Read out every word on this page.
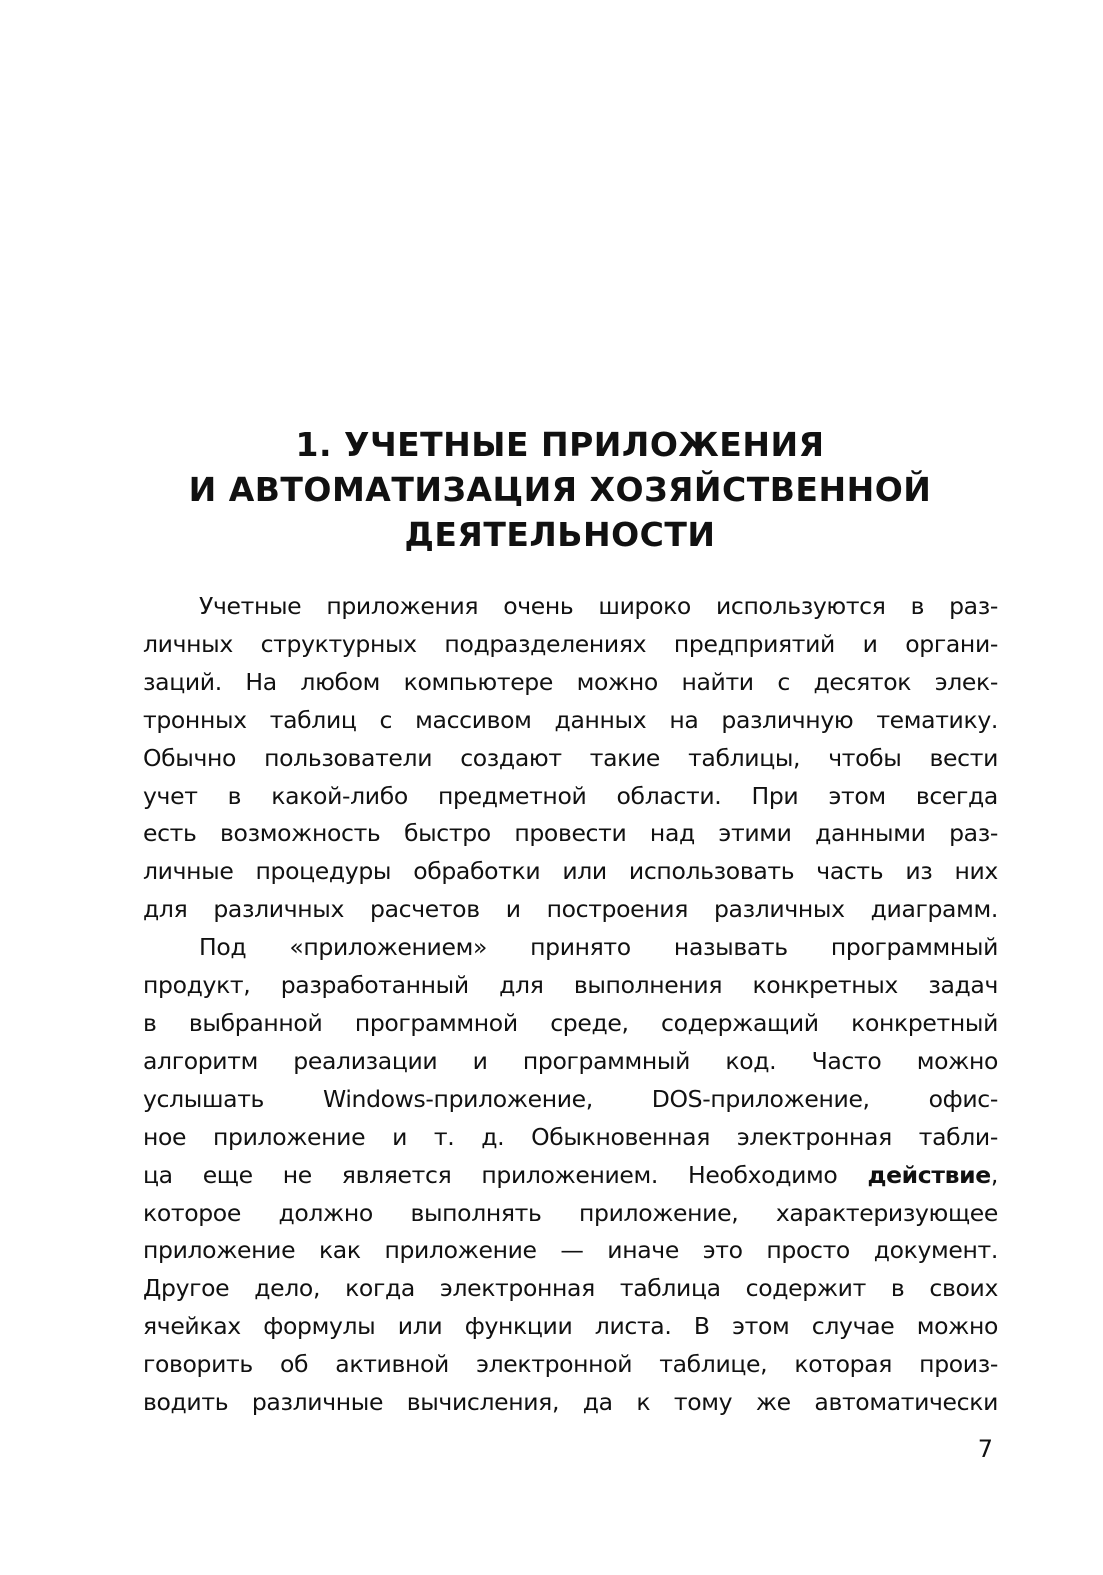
1. УЧЕТНЫЕ ПРИЛОЖЕНИЯ
И АВТОМАТИЗАЦИЯ ХОЗЯЙСТВЕННОЙ
ДЕЯТЕЛЬНОСТИ

Учетные приложения очень широко используются в раз-

личных структурных подразделениях предприятий и органи-

заций. На любом компьютере можно найти с десяток элек-

тронных таблиц с массивом данных на различную тематику.

Обычно пользователи создают такие таблицы, чтобы вести

учет в какой-либо предметной области. При этом всегда

есть возможность быстро провести над этими данными раз-

личные процедуры обработки или использовать часть из них

для различных расчетов и построения различных диаграмм.

Под «приложением» принято называть программный

продукт, разработанный для выполнения конкретных задач

в выбранной программной среде, содержащий конкретный

алгоритм реализации и программный код. Часто можно

услышать Windows-приложение, DOS-приложение, офис-

ное приложение и т. д. Обыкновенная электронная табли-

ца еще не является приложением. Необходимо действие,

которое должно выполнять приложение, характеризующее

приложение как приложение — иначе это просто документ.

Другое дело, когда электронная таблица содержит в своих

ячейках формулы или функции листа. В этом случае можно

говорить об активной электронной таблице, которая произ-

водить различные вычисления, да к тому же автоматически

7
